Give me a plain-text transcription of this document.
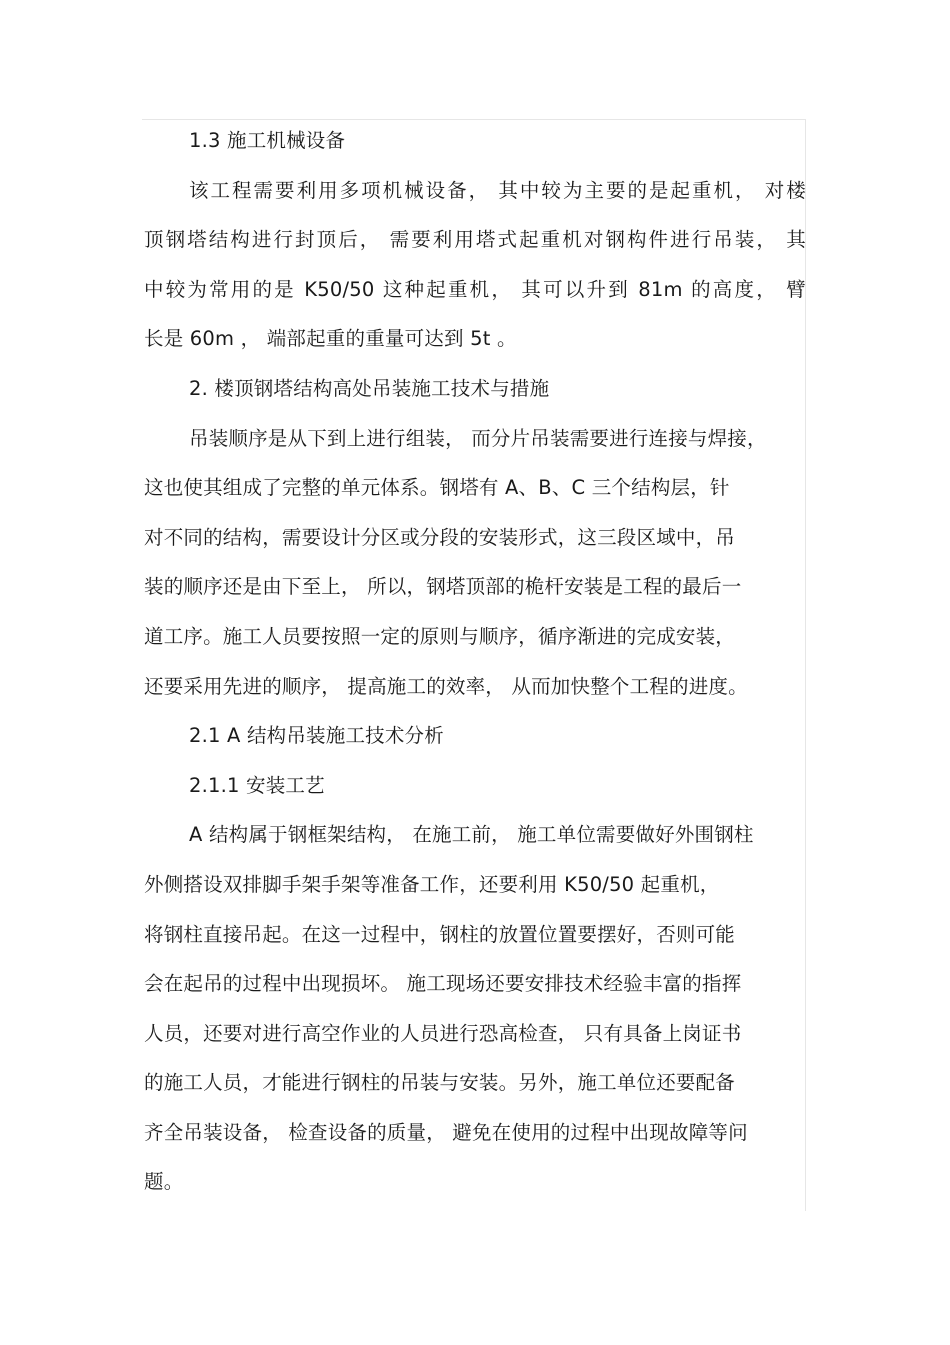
1.3 施工机械设备
该工程需要利用多项机械设备， 其中较为主要的是起重机， 对楼
顶钢塔结构进行封顶后， 需要利用塔式起重机对钢构件进行吊装， 其
中较为常用的是 K50/50 这种起重机， 其可以升到 81m 的高度， 臂
长是 60m ， 端部起重的重量可达到 5t 。
2. 楼顶钢塔结构高处吊装施工技术与措施
吊装顺序是从下到上进行组装， 而分片吊装需要进行连接与焊接，
这也使其组成了完整的单元体系。钢塔有 A、B、C 三个结构层，针
对不同的结构，需要设计分区或分段的安装形式，这三段区域中，吊
装的顺序还是由下至上， 所以，钢塔顶部的桅杆安装是工程的最后一
道工序。施工人员要按照一定的原则与顺序，循序渐进的完成安装，
还要采用先进的顺序， 提高施工的效率， 从而加快整个工程的进度。
2.1 A 结构吊装施工技术分析
2.1.1 安装工艺
A 结构属于钢框架结构， 在施工前， 施工单位需要做好外围钢柱
外侧搭设双排脚手架手架等准备工作，还要利用 K50/50 起重机，
将钢柱直接吊起。在这一过程中，钢柱的放置位置要摆好，否则可能
会在起吊的过程中出现损坏。 施工现场还要安排技术经验丰富的指挥
人员，还要对进行高空作业的人员进行恐高检查， 只有具备上岗证书
的施工人员，才能进行钢柱的吊装与安装。另外，施工单位还要配备
齐全吊装设备， 检查设备的质量， 避免在使用的过程中出现故障等问
题。
